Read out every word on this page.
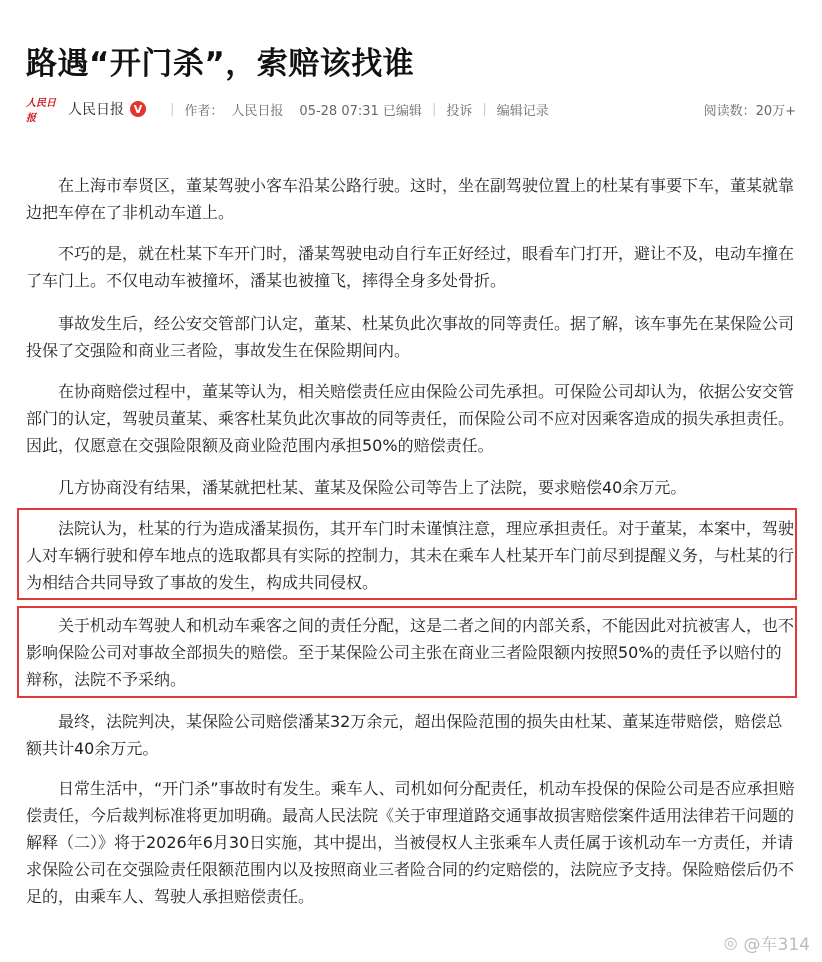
路遇“开门杀”，索赔该找谁
人民日报
人民日报 V | 作者： 人民日报 05-28 07:31 已编辑 | 投诉 | 编辑记录	阅读数：20万+

在上海市奉贤区，董某驾驶小客车沿某公路行驶。这时，坐在副驾驶位置上的杜某有事要下车，董某就靠边把车停在了非机动车道上。

不巧的是，就在杜某下车开门时，潘某驾驶电动自行车正好经过，眼看车门打开，避让不及，电动车撞在了车门上。不仅电动车被撞坏，潘某也被撞飞，摔得全身多处骨折。

事故发生后，经公安交管部门认定，董某、杜某负此次事故的同等责任。据了解，该车事先在某保险公司投保了交强险和商业三者险，事故发生在保险期间内。

在协商赔偿过程中，董某等认为，相关赔偿责任应由保险公司先承担。可保险公司却认为，依据公安交管部门的认定，驾驶员董某、乘客杜某负此次事故的同等责任，而保险公司不应对因乘客造成的损失承担责任。因此，仅愿意在交强险限额及商业险范围内承担50%的赔偿责任。

几方协商没有结果，潘某就把杜某、董某及保险公司等告上了法院，要求赔偿40余万元。

法院认为，杜某的行为造成潘某损伤，其开车门时未谨慎注意，理应承担责任。对于董某，本案中，驾驶人对车辆行驶和停车地点的选取都具有实际的控制力，其未在乘车人杜某开车门前尽到提醒义务，与杜某的行为相结合共同导致了事故的发生，构成共同侵权。

关于机动车驾驶人和机动车乘客之间的责任分配，这是二者之间的内部关系，不能因此对抗被害人，也不影响保险公司对事故全部损失的赔偿。至于某保险公司主张在商业三者险限额内按照50%的责任予以赔付的辩称，法院不予采纳。

最终，法院判决，某保险公司赔偿潘某32万余元，超出保险范围的损失由杜某、董某连带赔偿，赔偿总额共计40余万元。

日常生活中，“开门杀”事故时有发生。乘车人、司机如何分配责任，机动车投保的保险公司是否应承担赔偿责任，今后裁判标准将更加明确。最高人民法院《关于审理道路交通事故损害赔偿案件适用法律若干问题的解释（二）》将于2026年6月30日实施，其中提出，当被侵权人主张乘车人责任属于该机动车一方责任，并请求保险公司在交强险责任限额范围内以及按照商业三者险合同的约定赔偿的，法院应予支持。保险赔偿后仍不足的，由乘车人、驾驶人承担赔偿责任。

◎ @车314
